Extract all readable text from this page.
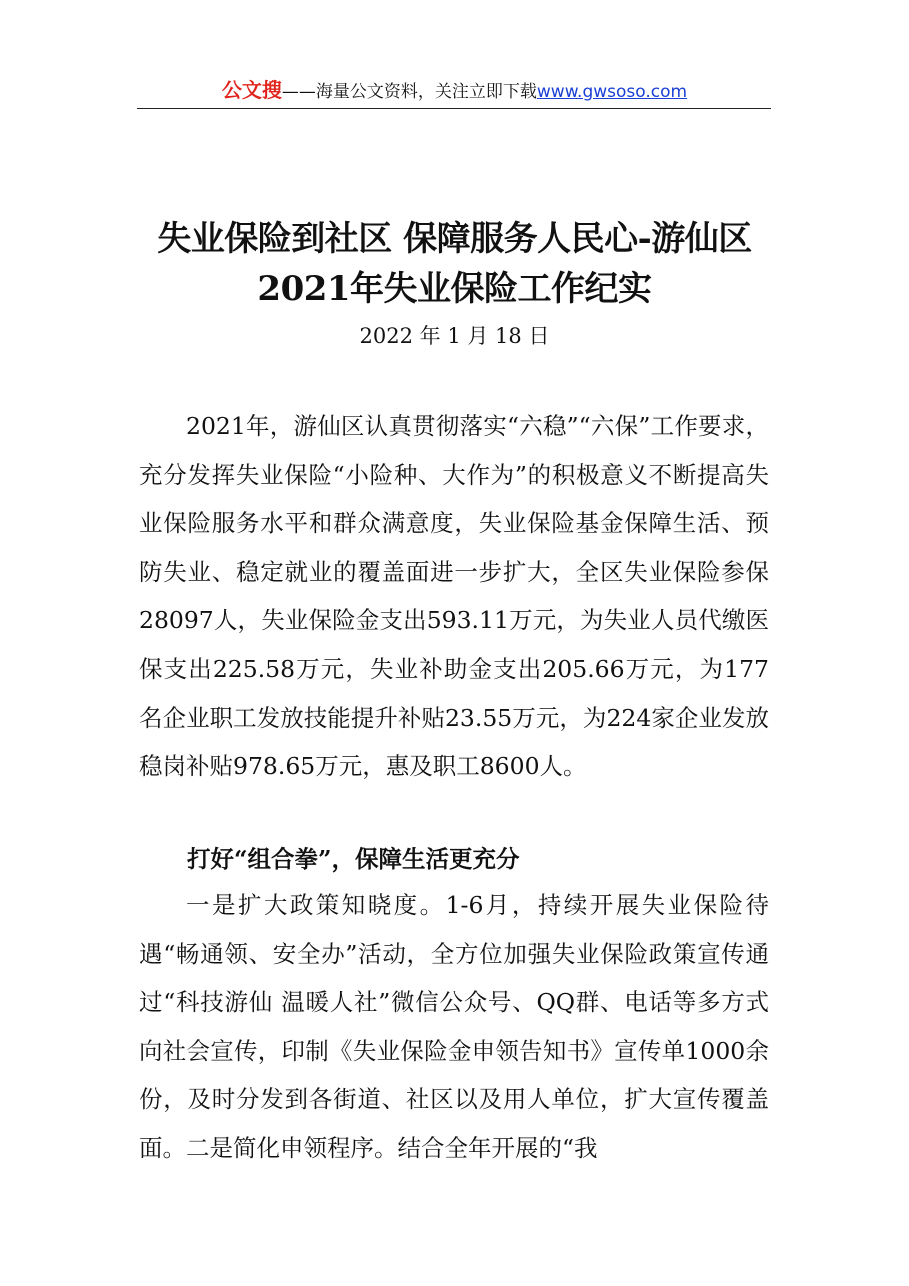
公文搜——海量公文资料，关注立即下载www.gwsoso.com
失业保险到社区 保障服务人民心-游仙区
2021年失业保险工作纪实
2022 年 1 月 18 日

2021年，游仙区认真贯彻落实“六稳”“六保”工作要求，充分发挥失业保险“小险种、大作为”的积极意义不断提高失业保险服务水平和群众满意度，失业保险基金保障生活、预防失业、稳定就业的覆盖面进一步扩大，全区失业保险参保28097人，失业保险金支出593.11万元，为失业人员代缴医保支出225.58万元，失业补助金支出205.66万元，为177名企业职工发放技能提升补贴23.55万元，为224家企业发放稳岗补贴978.65万元，惠及职工8600人。

打好“组合拳”，保障生活更充分

一是扩大政策知晓度。1-6月，持续开展失业保险待遇“畅通领、安全办”活动，全方位加强失业保险政策宣传通过“科技游仙 温暖人社”微信公众号、QQ群、电话等多方式向社会宣传，印制《失业保险金申领告知书》宣传单1000余份，及时分发到各街道、社区以及用人单位，扩大宣传覆盖面。二是简化申领程序。结合全年开展的“我
